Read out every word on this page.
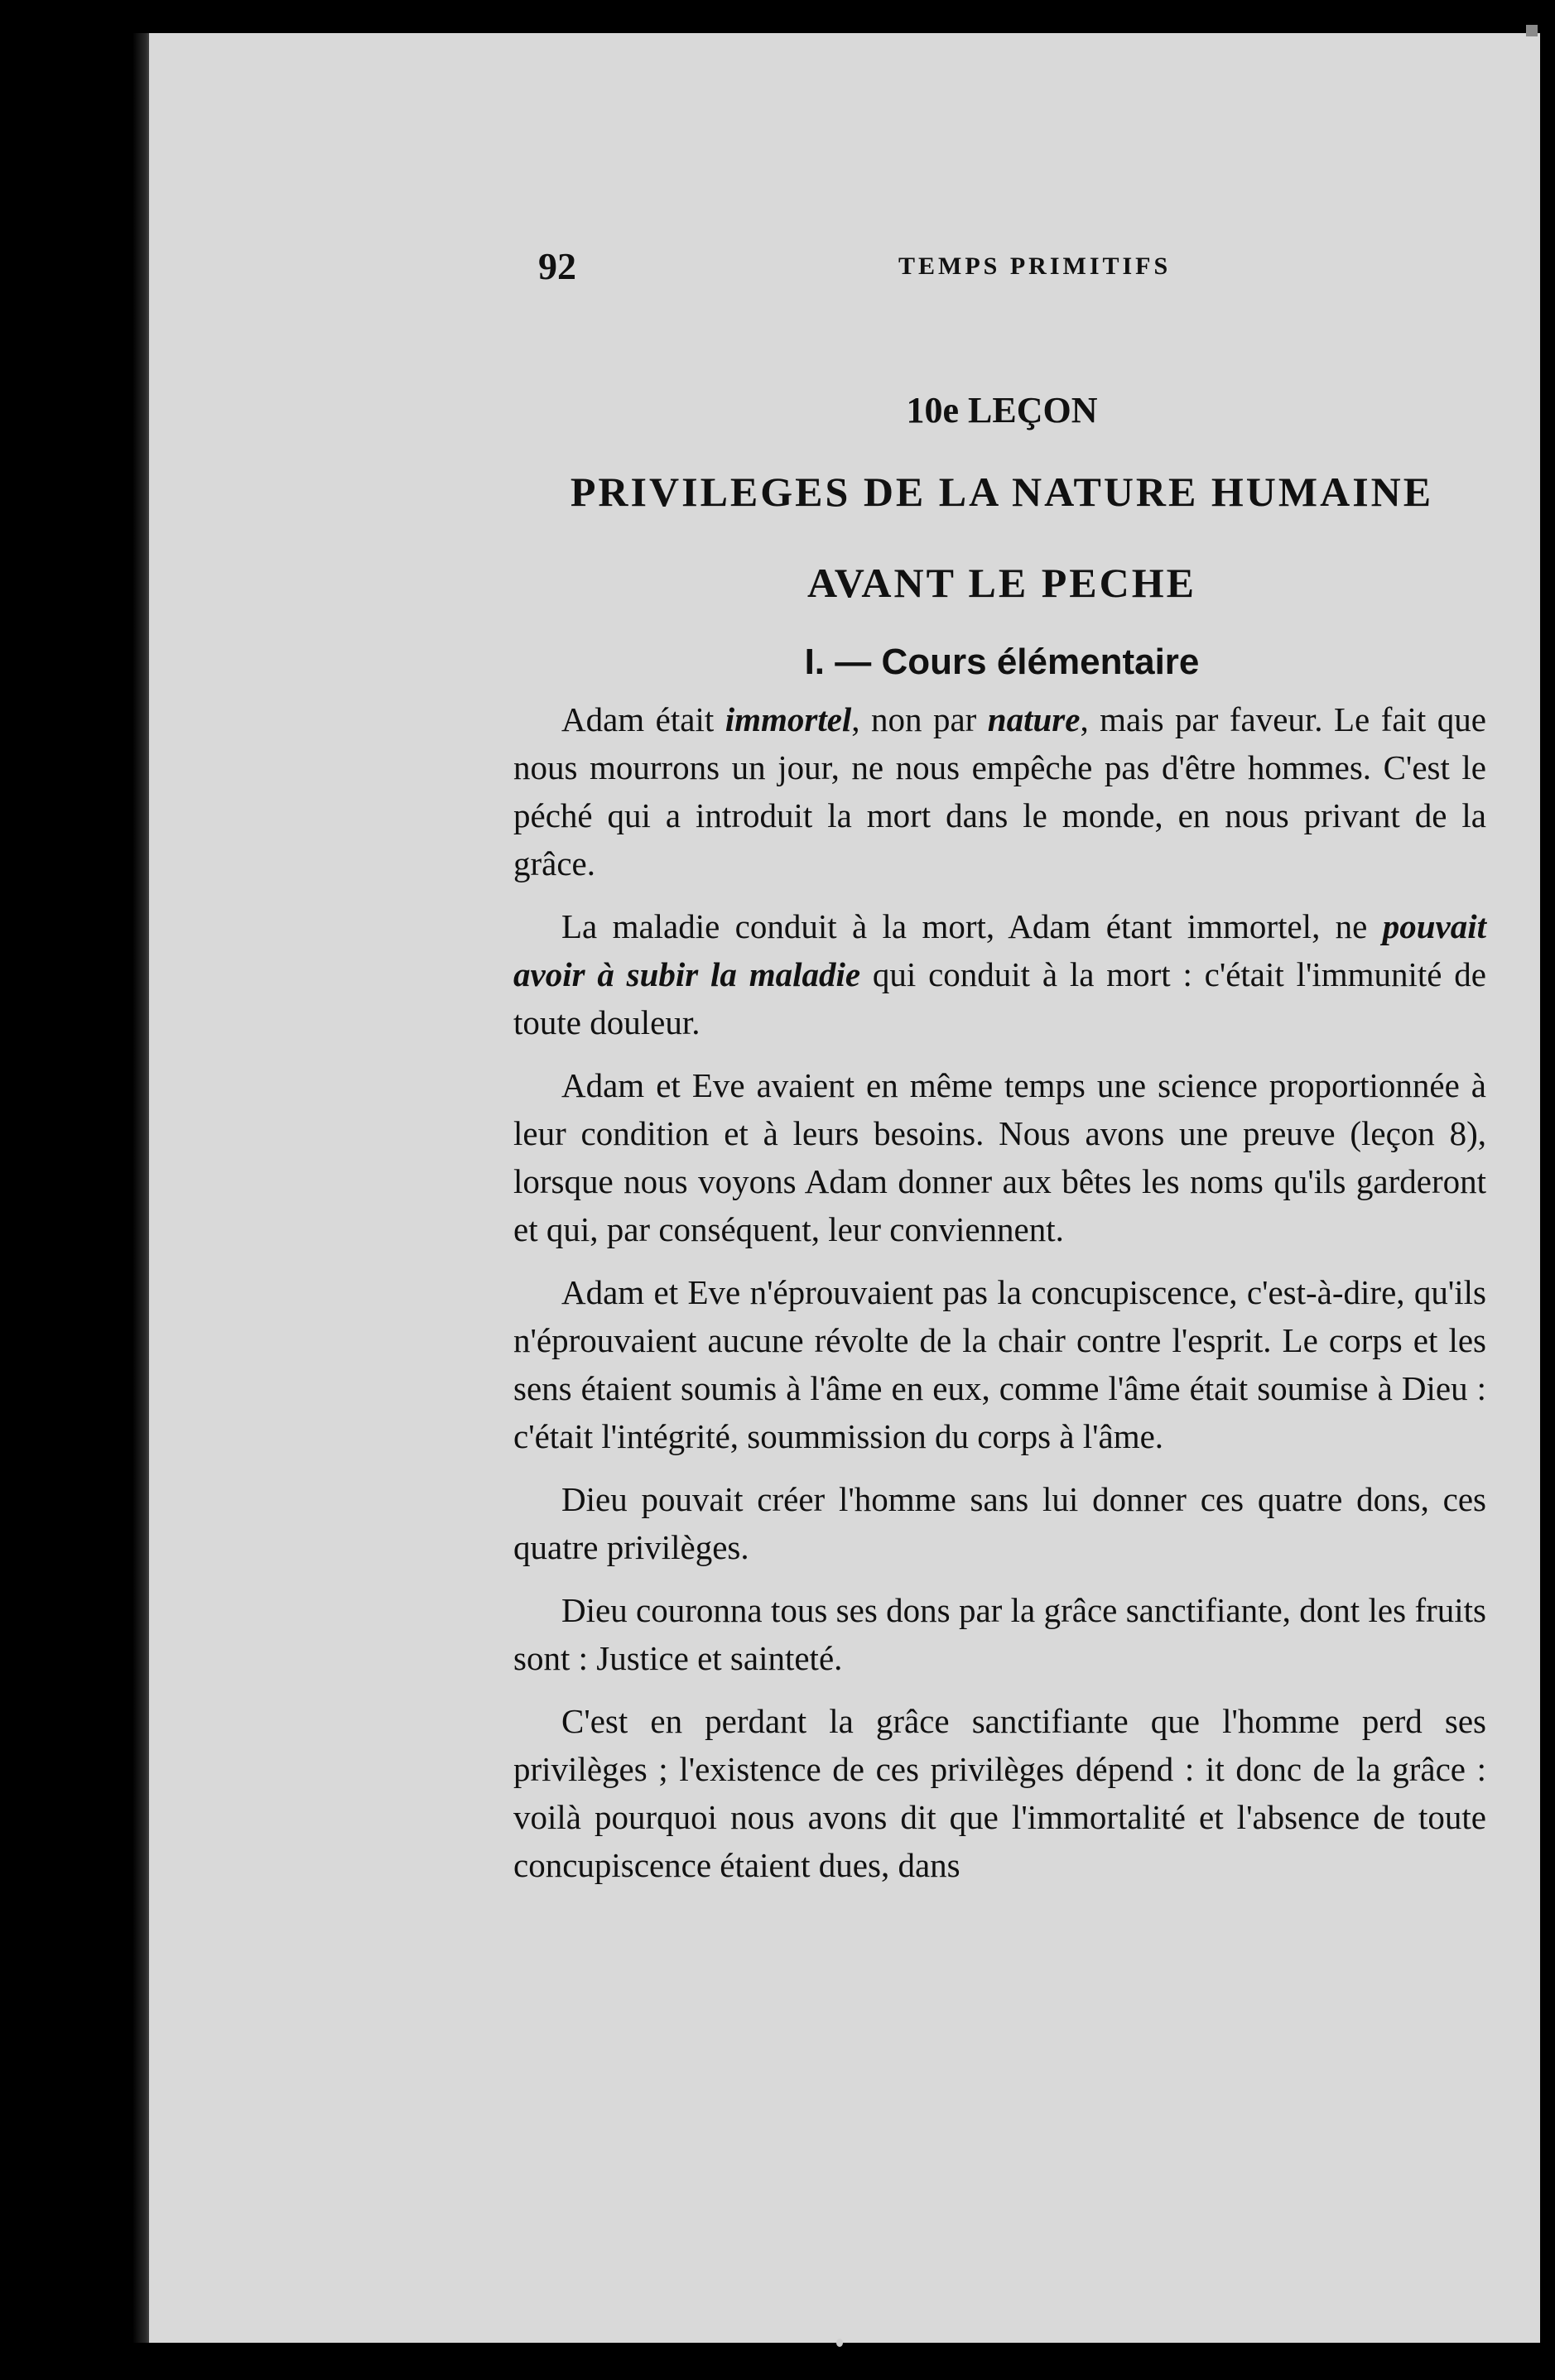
92	TEMPS PRIMITIFS
10e LEÇON
PRIVILEGES DE LA NATURE HUMAINE
AVANT LE PECHE
I. — Cours élémentaire

Adam était immortel, non par nature, mais par faveur. Le fait que nous mourrons un jour, ne nous empêche pas d'être hommes. C'est le péché qui a introduit la mort dans le monde, en nous privant de la grâce.

La maladie conduit à la mort, Adam étant immortel, ne pouvait avoir à subir la maladie qui conduit à la mort : c'était l'immunité de toute douleur.

Adam et Eve avaient en même temps une science proportionnée à leur condition et à leurs besoins. Nous avons une preuve (leçon 8), lorsque nous voyons Adam donner aux bêtes les noms qu'ils garderont et qui, par conséquent, leur conviennent.

Adam et Eve n'éprouvaient pas la concupiscence, c'est-à-dire, qu'ils n'éprouvaient aucune révolte de la chair contre l'esprit. Le corps et les sens étaient soumis à l'âme en eux, comme l'âme était soumise à Dieu : c'était l'intégrité, soummission du corps à l'âme.

Dieu pouvait créer l'homme sans lui donner ces quatre dons, ces quatre privilèges.

Dieu couronna tous ses dons par la grâce sanctifiante, dont les fruits sont : Justice et sainteté.

C'est en perdant la grâce sanctifiante que l'homme perd ses privilèges ; l'existence de ces privilèges dépend : it donc de la grâce : voilà pourquoi nous avons dit que l'immortalité et l'absence de toute concupiscence étaient dues, dans
